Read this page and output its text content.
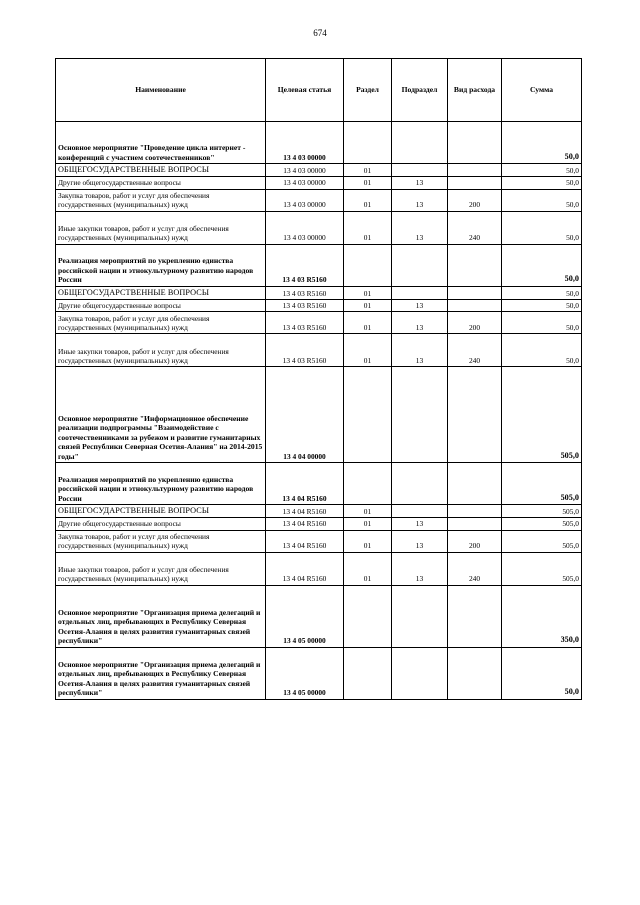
674
Наименование	Целевая статья	Раздел	Подраздел	Вид расхода	Сумма
Основное мероприятие "Проведение цикла интернет - конференций с участием соотечественников"	13 4 03 00000				50,0
ОБЩЕГОСУДАРСТВЕННЫЕ ВОПРОСЫ	13 4 03 00000	01			50,0
Другие общегосударственные вопросы	13 4 03 00000	01	13		50,0
Закупка товаров, работ и услуг для обеспечения государственных (муниципальных) нужд	13 4 03 00000	01	13	200	50,0
Иные закупки товаров, работ и услуг для обеспечения государственных (муниципальных) нужд	13 4 03 00000	01	13	240	50,0
Реализация мероприятий по укреплению единства российской нации и этнокультурному развитию народов России	13 4 03 R5160				50,0
ОБЩЕГОСУДАРСТВЕННЫЕ ВОПРОСЫ	13 4 03 R5160	01			50,0
Другие общегосударственные вопросы	13 4 03 R5160	01	13		50,0
Закупка товаров, работ и услуг для обеспечения государственных (муниципальных) нужд	13 4 03 R5160	01	13	200	50,0
Иные закупки товаров, работ и услуг для обеспечения государственных (муниципальных) нужд	13 4 03 R5160	01	13	240	50,0
Основное мероприятие "Информационное обеспечение реализации подпрограммы "Взаимодействие с соотечественниками за рубежом и развитие гуманитарных связей Республики Северная Осетия-Алания" на 2014-2015 годы"	13 4 04 00000				505,0
Реализация мероприятий по укреплению единства российской нации и этнокультурному развитию народов России	13 4 04 R5160				505,0
ОБЩЕГОСУДАРСТВЕННЫЕ ВОПРОСЫ	13 4 04 R5160	01			505,0
Другие общегосударственные вопросы	13 4 04 R5160	01	13		505,0
Закупка товаров, работ и услуг для обеспечения государственных (муниципальных) нужд	13 4 04 R5160	01	13	200	505,0
Иные закупки товаров, работ и услуг для обеспечения государственных (муниципальных) нужд	13 4 04 R5160	01	13	240	505,0
Основное мероприятие "Организация приема делегаций и отдельных лиц, пребывающих в Республику Северная Осетия-Алания в целях развития гуманитарных связей республики"	13 4 05 00000				350,0
Основное мероприятие "Организация приема делегаций и отдельных лиц, пребывающих в Республику Северная Осетия-Алания в целях развития гуманитарных связей республики"	13 4 05 00000				50,0
